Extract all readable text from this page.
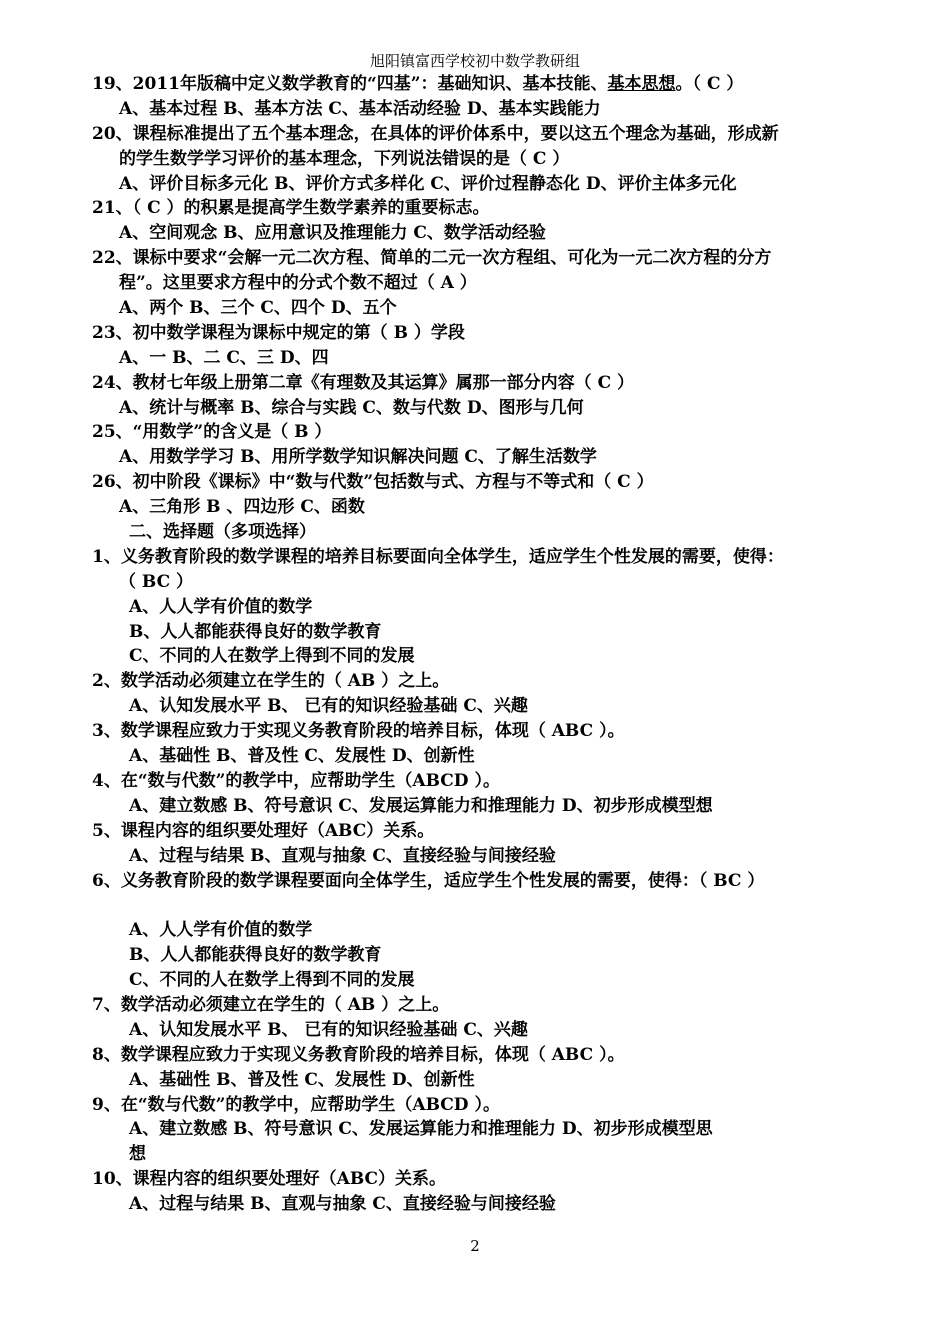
旭阳镇富西学校初中数学教研组
19、2011年版稿中定义数学教育的“四基”：基础知识、基本技能、基本思想。（ C ）
A、基本过程 B、基本方法 C、基本活动经验 D、基本实践能力
20、课程标准提出了五个基本理念，在具体的评价体系中，要以这五个理念为基础，形成新
的学生数学学习评价的基本理念，下列说法错误的是（ C ）
A、评价目标多元化 B、评价方式多样化 C、评价过程静态化 D、评价主体多元化
21、（ C ）的积累是提高学生数学素养的重要标志。
A、空间观念 B、应用意识及推理能力 C、数学活动经验
22、课标中要求“会解一元二次方程、简单的二元一次方程组、可化为一元二次方程的分方
程”。这里要求方程中的分式个数不超过（ A ）
A、两个 B、三个 C、四个 D、五个
23、初中数学课程为课标中规定的第（ B ）学段
A、一 B、二 C、三 D、四
24、教材七年级上册第二章《有理数及其运算》属那一部分内容（ C ）
A、统计与概率 B、综合与实践 C、数与代数 D、图形与几何
25、“用数学”的含义是（ B ）
A、用数学学习 B、用所学数学知识解决问题 C、了解生活数学
26、初中阶段《课标》中“数与代数”包括数与式、方程与不等式和（ C ）
A、三角形 B 、四边形 C、函数
二、选择题（多项选择）
1、义务教育阶段的数学课程的培养目标要面向全体学生，适应学生个性发展的需要，使得：
（ BC ）
A、人人学有价值的数学
B、人人都能获得良好的数学教育
C、不同的人在数学上得到不同的发展
2、数学活动必须建立在学生的（ AB ）之上。
A、认知发展水平 B、 已有的知识经验基础 C、兴趣
3、数学课程应致力于实现义务教育阶段的培养目标，体现（ ABC ）。
A、基础性 B、普及性 C、发展性 D、创新性
4、在“数与代数”的教学中，应帮助学生（ABCD ）。
A、建立数感 B、符号意识 C、发展运算能力和推理能力 D、初步形成模型想
5、课程内容的组织要处理好（ABC）关系。
A、过程与结果 B、直观与抽象 C、直接经验与间接经验
6、义务教育阶段的数学课程要面向全体学生，适应学生个性发展的需要，使得：（ BC ）
A、人人学有价值的数学
B、人人都能获得良好的数学教育
C、不同的人在数学上得到不同的发展
7、数学活动必须建立在学生的（ AB ）之上。
A、认知发展水平 B、 已有的知识经验基础 C、兴趣
8、数学课程应致力于实现义务教育阶段的培养目标，体现（ ABC ）。
A、基础性 B、普及性 C、发展性 D、创新性
9、在“数与代数”的教学中，应帮助学生（ABCD ）。
A、建立数感 B、符号意识 C、发展运算能力和推理能力 D、初步形成模型思
想
10、课程内容的组织要处理好（ABC）关系。
A、过程与结果 B、直观与抽象 C、直接经验与间接经验
2
